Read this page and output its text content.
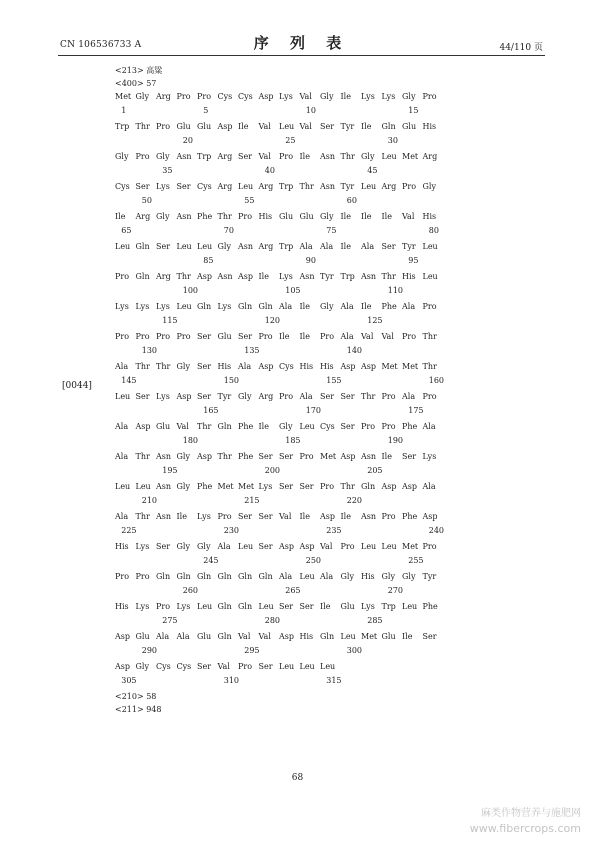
CN 106536733 A	序 列 表	44/110 页
[0044]
<213> 高粱
<400> 57
Met Gly Arg Pro Pro Cys Cys Asp Lys Val Gly Ile Lys Lys Gly Pro
1	5	10	15
Trp Thr Pro Glu Glu Asp Ile Val Leu Val Ser Tyr Ile Gln Glu His
20	25	30
Gly Pro Gly Asn Trp Arg Ser Val Pro Ile Asn Thr Gly Leu Met Arg
35	40	45
Cys Ser Lys Ser Cys Arg Leu Arg Trp Thr Asn Tyr Leu Arg Pro Gly
50	55	60
Ile Arg Gly Asn Phe Thr Pro His Glu Glu Gly Ile Ile Ile Val His
65	70	75	80
Leu Gln Ser Leu Leu Gly Asn Arg Trp Ala Ala Ile Ala Ser Tyr Leu
85	90	95
Pro Gln Arg Thr Asp Asn Asp Ile Lys Asn Tyr Trp Asn Thr His Leu
100	105	110
Lys Lys Lys Leu Gln Lys Gln Gln Ala Ile Gly Ala Ile Phe Ala Pro
115	120	125
Pro Pro Pro Pro Ser Glu Ser Pro Ile Ile Pro Ala Val Val Pro Thr
130	135	140
Ala Thr Thr Gly Ser His Ala Asp Cys His His Asp Asp Met Met Thr
145	150	155	160
Leu Ser Lys Asp Ser Tyr Gly Arg Pro Ala Ser Ser Thr Pro Ala Pro
165	170	175
Ala Asp Glu Val Thr Gln Phe Ile Gly Leu Cys Ser Pro Pro Phe Ala
180	185	190
Ala Thr Asn Gly Asp Thr Phe Ser Ser Pro Met Asp Asn Ile Ser Lys
195	200	205
Leu Leu Asn Gly Phe Met Met Lys Ser Ser Pro Thr Gln Asp Asp Ala
210	215	220
Ala Thr Asn Ile Lys Pro Ser Ser Val Ile Asp Ile Asn Pro Phe Asp
225	230	235	240
His Lys Ser Gly Gly Ala Leu Ser Asp Asp Val Pro Leu Leu Met Pro
245	250	255
Pro Pro Gln Gln Gln Gln Gln Gln Ala Leu Ala Gly His Gly Gly Tyr
260	265	270
His Lys Pro Lys Leu Gln Gln Leu Ser Ser Ile Glu Lys Trp Leu Phe
275	280	285
Asp Glu Ala Ala Glu Gln Val Val Asp His Gln Leu Met Glu Ile Ser
290	295	300
Asp Gly Cys Cys Ser Val Pro Ser Leu Leu Leu
305	310	315
<210> 58
<211> 948
68
麻类作物营养与施肥网
www.fibercrops.com
